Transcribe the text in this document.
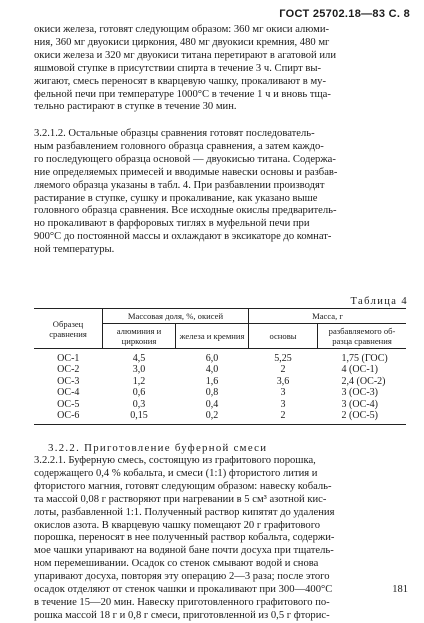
ГОСТ 25702.18—83 С. 8
окиси железа, готовят следующим образом: 360 мг окиси алюми-
ния, 360 мг двуокиси циркония, 480 мг двуокиси кремния, 480 мг
окиси железа и 320 мг двуокиси титана перетирают в агатовой или
яшмовой ступке в присутствии спирта в течение 3 ч. Спирт вы-
жигают, смесь переносят в кварцевую чашку, прокаливают в му-
фельной печи при температуре 1000°С в течение 1 ч и вновь тща-
тельно растирают в ступке в течение 30 мин.
3.2.1.2. Остальные образцы сравнения готовят последователь-
ным разбавлением головного образца сравнения, а затем каждо-
го последующего образца основой — двуокисью титана. Содержа-
ние определяемых примесей и вводимые навески основы и разбав-
ляемого образца указаны в табл. 4. При разбавлении производят
растирание в ступке, сушку и прокаливание, как указано выше
головного образца сравнения. Все исходные окислы предваритель-
но прокаливают в фарфоровых тиглях в муфельной печи при
900°С до постоянной массы и охлаждают в эксикаторе до комнат-
ной температуры.
Таблица 4
Образец сравнения	Массовая доля, %, окисей		Масса, г	
	алюминия и циркония	железа и кремния	основы	разбавляемого об-разца сравнения
ОС-1	4,5	6,0	5,25	1,75 (ГОС)
ОС-2	3,0	4,0	2	4 (ОС-1)
ОС-3	1,2	1,6	3,6	2,4 (ОС-2)
ОС-4	0,6	0,8	3	3 (ОС-3)
ОС-5	0,3	0,4	3	3 (ОС-4)
ОС-6	0,15	0,2	2	2 (ОС-5)
3.2.2. Приготовление буферной смеси
3.2.2.1. Буферную смесь, состоящую из графитового порошка,
содержащего 0,4 % кобальта, и смеси (1:1) фтористого лития и
фтористого магния, готовят следующим образом: навеску кобаль-
та массой 0,08 г растворяют при нагревании в 5 см³ азотной кис-
лоты, разбавленной 1:1. Полученный раствор кипятят до удаления
окислов азота. В кварцевую чашку помещают 20 г графитового
порошка, переносят в нее полученный раствор кобальта, содержи-
мое чашки упаривают на водяной бане почти досуха при тщатель-
ном перемешивании. Осадок со стенок смывают водой и снова
упаривают досуха, повторяя эту операцию 2—3 раза; после этого
осадок отделяют от стенок чашки и прокаливают при 300—400°С
в течение 15—20 мин. Навеску приготовленного графитового по-
рошка массой 18 г и 0,8 г смеси, приготовленной из 0,5 г фторис-
181
